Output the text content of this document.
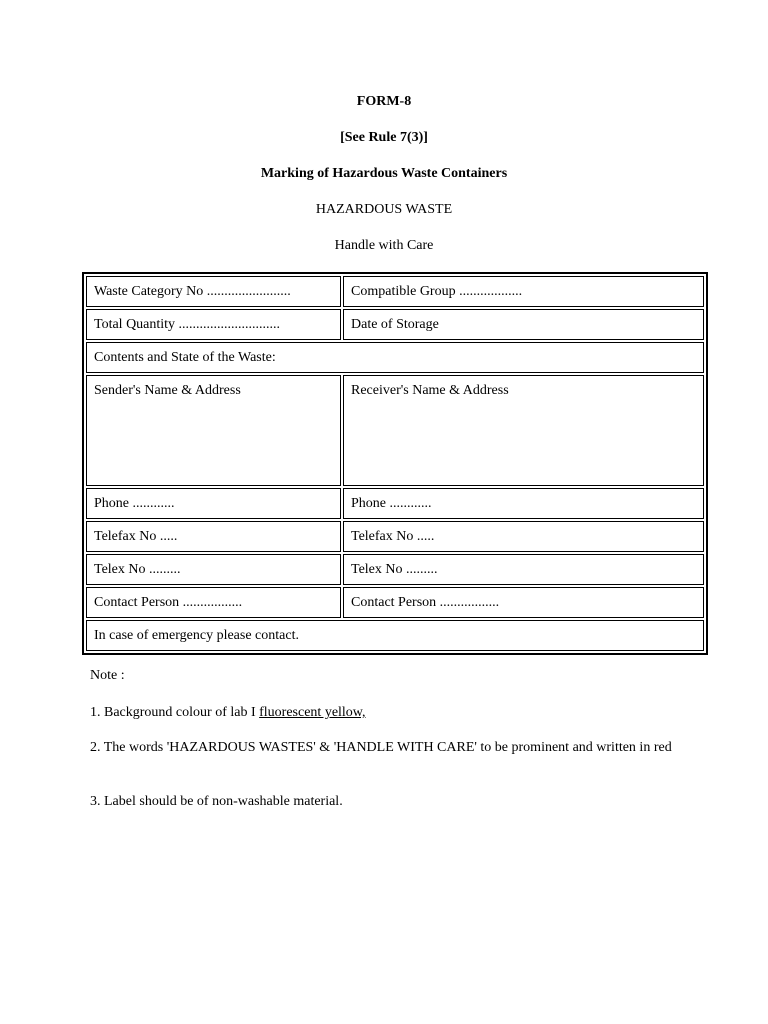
FORM-8
[See Rule 7(3)]
Marking of Hazardous Waste Containers
HAZARDOUS WASTE
Handle with Care
Waste Category No ........................	Compatible Group ..................
Total Quantity .............................	Date of Storage
Contents and State of the Waste:	
Sender's Name & Address	Receiver's Name & Address
Phone ............	Phone ............
Telefax No .....	Telefax No .....
Telex No .........	Telex No .........
Contact Person .................	Contact Person .................
In case of emergency please contact.	
Note :
1. Background colour of lab I fluorescent yellow,
2. The words 'HAZARDOUS WASTES' & 'HANDLE WITH CARE' to be prominent and written in red
3. Label should be of non-washable material.
